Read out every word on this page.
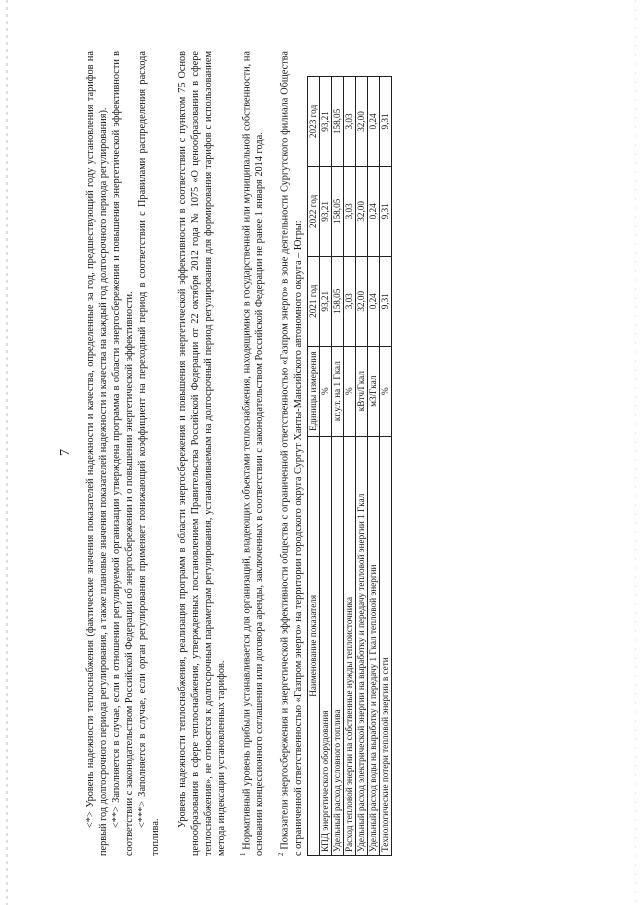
7 <*> Уровень надежности теплоснабжения (фактические значения показателей надежности и качества, определенные за год, предшествующий году установления тарифов на первый год долгосрочного периода регулирования, а также плановые значения показателей надежности и качества на каждый год долгосрочного периода регулирования). <**> Заполняется в случае, если в отношении регулируемой организации утверждена программа в области энергосбережения и повышения энергетической эффективности в соответствии с законодательством Российской Федерации об энергосбережении и о повышении энергетической эффективности. <***> Заполняется в случае, если орган регулирования применяет понижающий коэффициент на переходный период в соответствии с Правилами распределения расхода топлива.

Уровень надежности теплоснабжения, реализация программ в области энергосбережения и повышения энергетической эффективности в соответствии с пунктом 75 Основ ценообразования в сфере теплоснабжения, утвержденных постановлением Правительства Российской Федерации от 22 октября 2012 года № 1075 «О ценообразовании в сфере теплоснабжения», не относятся к долгосрочным параметрам регулирования, устанавливаемым на долгосрочный период регулирования для формирования тарифов с использованием метода индексации установленных тарифов. $^1$ Нормативный уровень прибыли устанавливается для организаций, владеющих объектами теплоснабжения, находящимися в государственной или муниципальной собственности, на основании концессионного соглашения или договора аренды, заключенных в соответствии с законодательством Российской Федерации не ранее 1 января 2014 года. $^2$ Показатели энергосбережения и энергетической эффективности общества с ограниченной ответственностью «Газпром энерго» в зоне деятельности Сургутского филиала Общества с ограниченной ответственностью «Газпром энерго» на территории городского округа Сургут Ханты-Мансийского автономного округа – Югры: Наименование показателя	Единицы измерения	2021 год	2022 год	2023 год
КПД энергетического оборудования	%	93,21	93,21	93,21
Удельный расход условного топлива	кг.у.т. на 1 Гкал	158,05	158,05	158,05
Расход тепловой энергии на собственные нужды теплоисточника	%	3,03	3,03	3,03
Удельный расход электрической энергии на выработку и передачу тепловой энергии 1 Гкал	кВтч/Гкал	32,00	32,00	32,00
Удельный расход воды на выработку и передачу 1 Гкал тепловой энергии	м3/Гкал	0,24	0,24	0,24
Технологические потери тепловой энергии в сети	%	9,31	9,31	9,31
